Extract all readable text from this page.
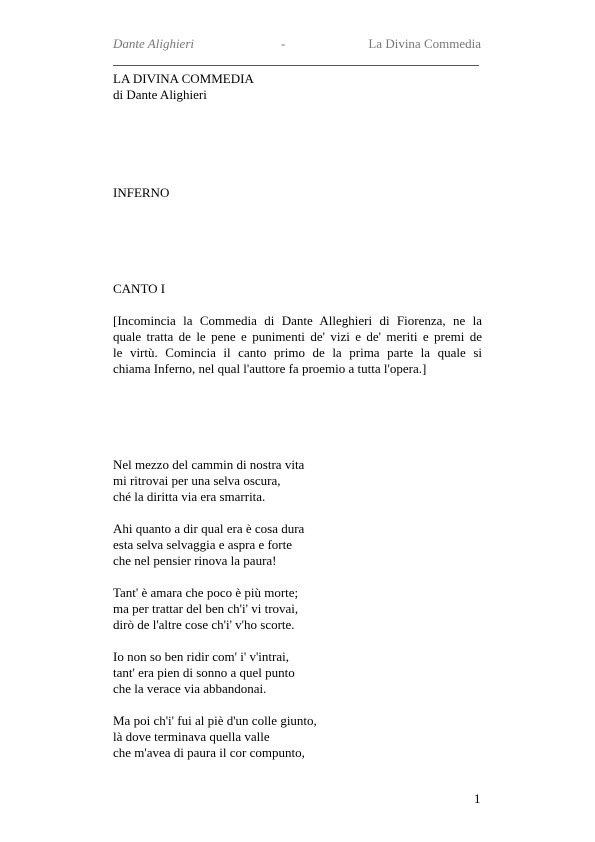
Dante Alighieri	-	La Divina Commedia
LA DIVINA COMMEDIA
di Dante Alighieri
INFERNO
CANTO I
[Incomincia la Commedia di Dante Alleghieri di Fiorenza, ne la
quale tratta de le pene e punimenti de' vizi e de' meriti e premi de
le virtù. Comincia il canto primo de la prima parte la quale si
chiama Inferno, nel qual l'auttore fa proemio a tutta l'opera.]
Nel mezzo del cammin di nostra vita
mi ritrovai per una selva oscura,
ché la diritta via era smarrita.
Ahi quanto a dir qual era è cosa dura
esta selva selvaggia e aspra e forte
che nel pensier rinova la paura!
Tant' è amara che poco è più morte;
ma per trattar del ben ch'i' vi trovai,
dirò de l'altre cose ch'i' v'ho scorte.
Io non so ben ridir com' i' v'intrai,
tant' era pien di sonno a quel punto
che la verace via abbandonai.
Ma poi ch'i' fui al piè d'un colle giunto,
là dove terminava quella valle
che m'avea di paura il cor compunto,
1
